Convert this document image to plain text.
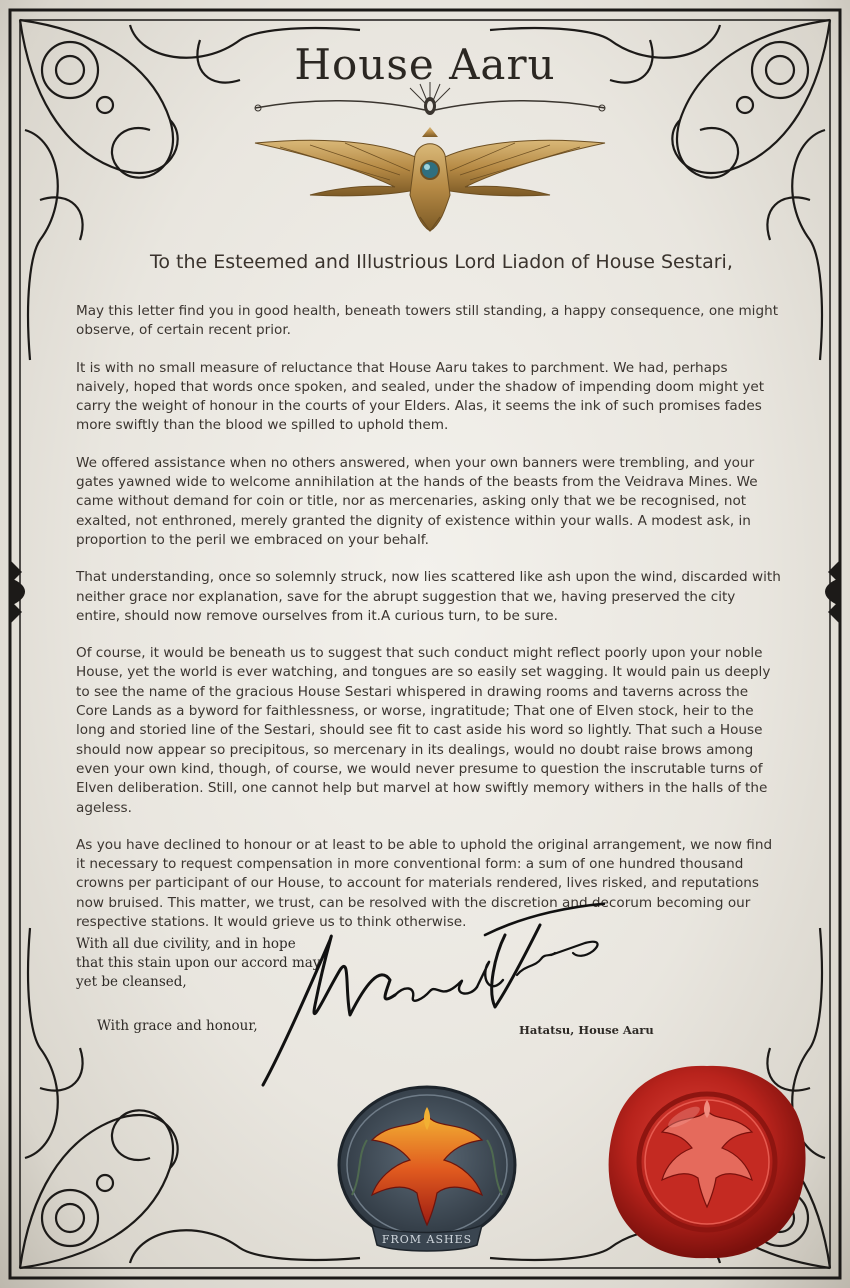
House Aaru
To the Esteemed and Illustrious Lord Liadon of House Sestari,

May this letter find you in good health, beneath towers still standing, a happy consequence, one might observe, of certain recent prior.

It is with no small measure of reluctance that House Aaru takes to parchment. We had, perhaps naively, hoped that words once spoken, and sealed, under the shadow of impending doom might yet carry the weight of honour in the courts of your Elders. Alas, it seems the ink of such promises fades more swiftly than the blood we spilled to uphold them.

We offered assistance when no others answered, when your own banners were trembling, and your gates yawned wide to welcome annihilation at the hands of the beasts from the Veidrava Mines. We came without demand for coin or title, nor as mercenaries, asking only that we be recognised, not exalted, not enthroned, merely granted the dignity of existence within your walls. A modest ask, in proportion to the peril we embraced on your behalf.

That understanding, once so solemnly struck, now lies scattered like ash upon the wind, discarded with neither grace nor explanation, save for the abrupt suggestion that we, having preserved the city entire, should now remove ourselves from it.A curious turn, to be sure.

Of course, it would be beneath us to suggest that such conduct might reflect poorly upon your noble House, yet the world is ever watching, and tongues are so easily set wagging. It would pain us deeply to see the name of the gracious House Sestari whispered in drawing rooms and taverns across the Core Lands as a byword for faithlessness, or worse, ingratitude; That one of Elven stock, heir to the long and storied line of the Sestari, should see fit to cast aside his word so lightly. That such a House should now appear so precipitous, so mercenary in its dealings, would no doubt raise brows among even your own kind, though, of course, we would never presume to question the inscrutable turns of Elven deliberation. Still, one cannot help but marvel at how swiftly memory withers in the halls of the ageless.

As you have declined to honour or at least to be able to uphold the original arrangement, we now find it necessary to request compensation in more conventional form: a sum of one hundred thousand crowns per participant of our House, to account for materials rendered, lives risked, and reputations now bruised. This matter, we trust, can be resolved with the discretion and decorum becoming our respective stations. It would grieve us to think otherwise.

With all due civility, and in hope that this stain upon our accord may yet be cleansed,
With grace and honour,	Hatatsu, House Aaru
FROM ASHES
